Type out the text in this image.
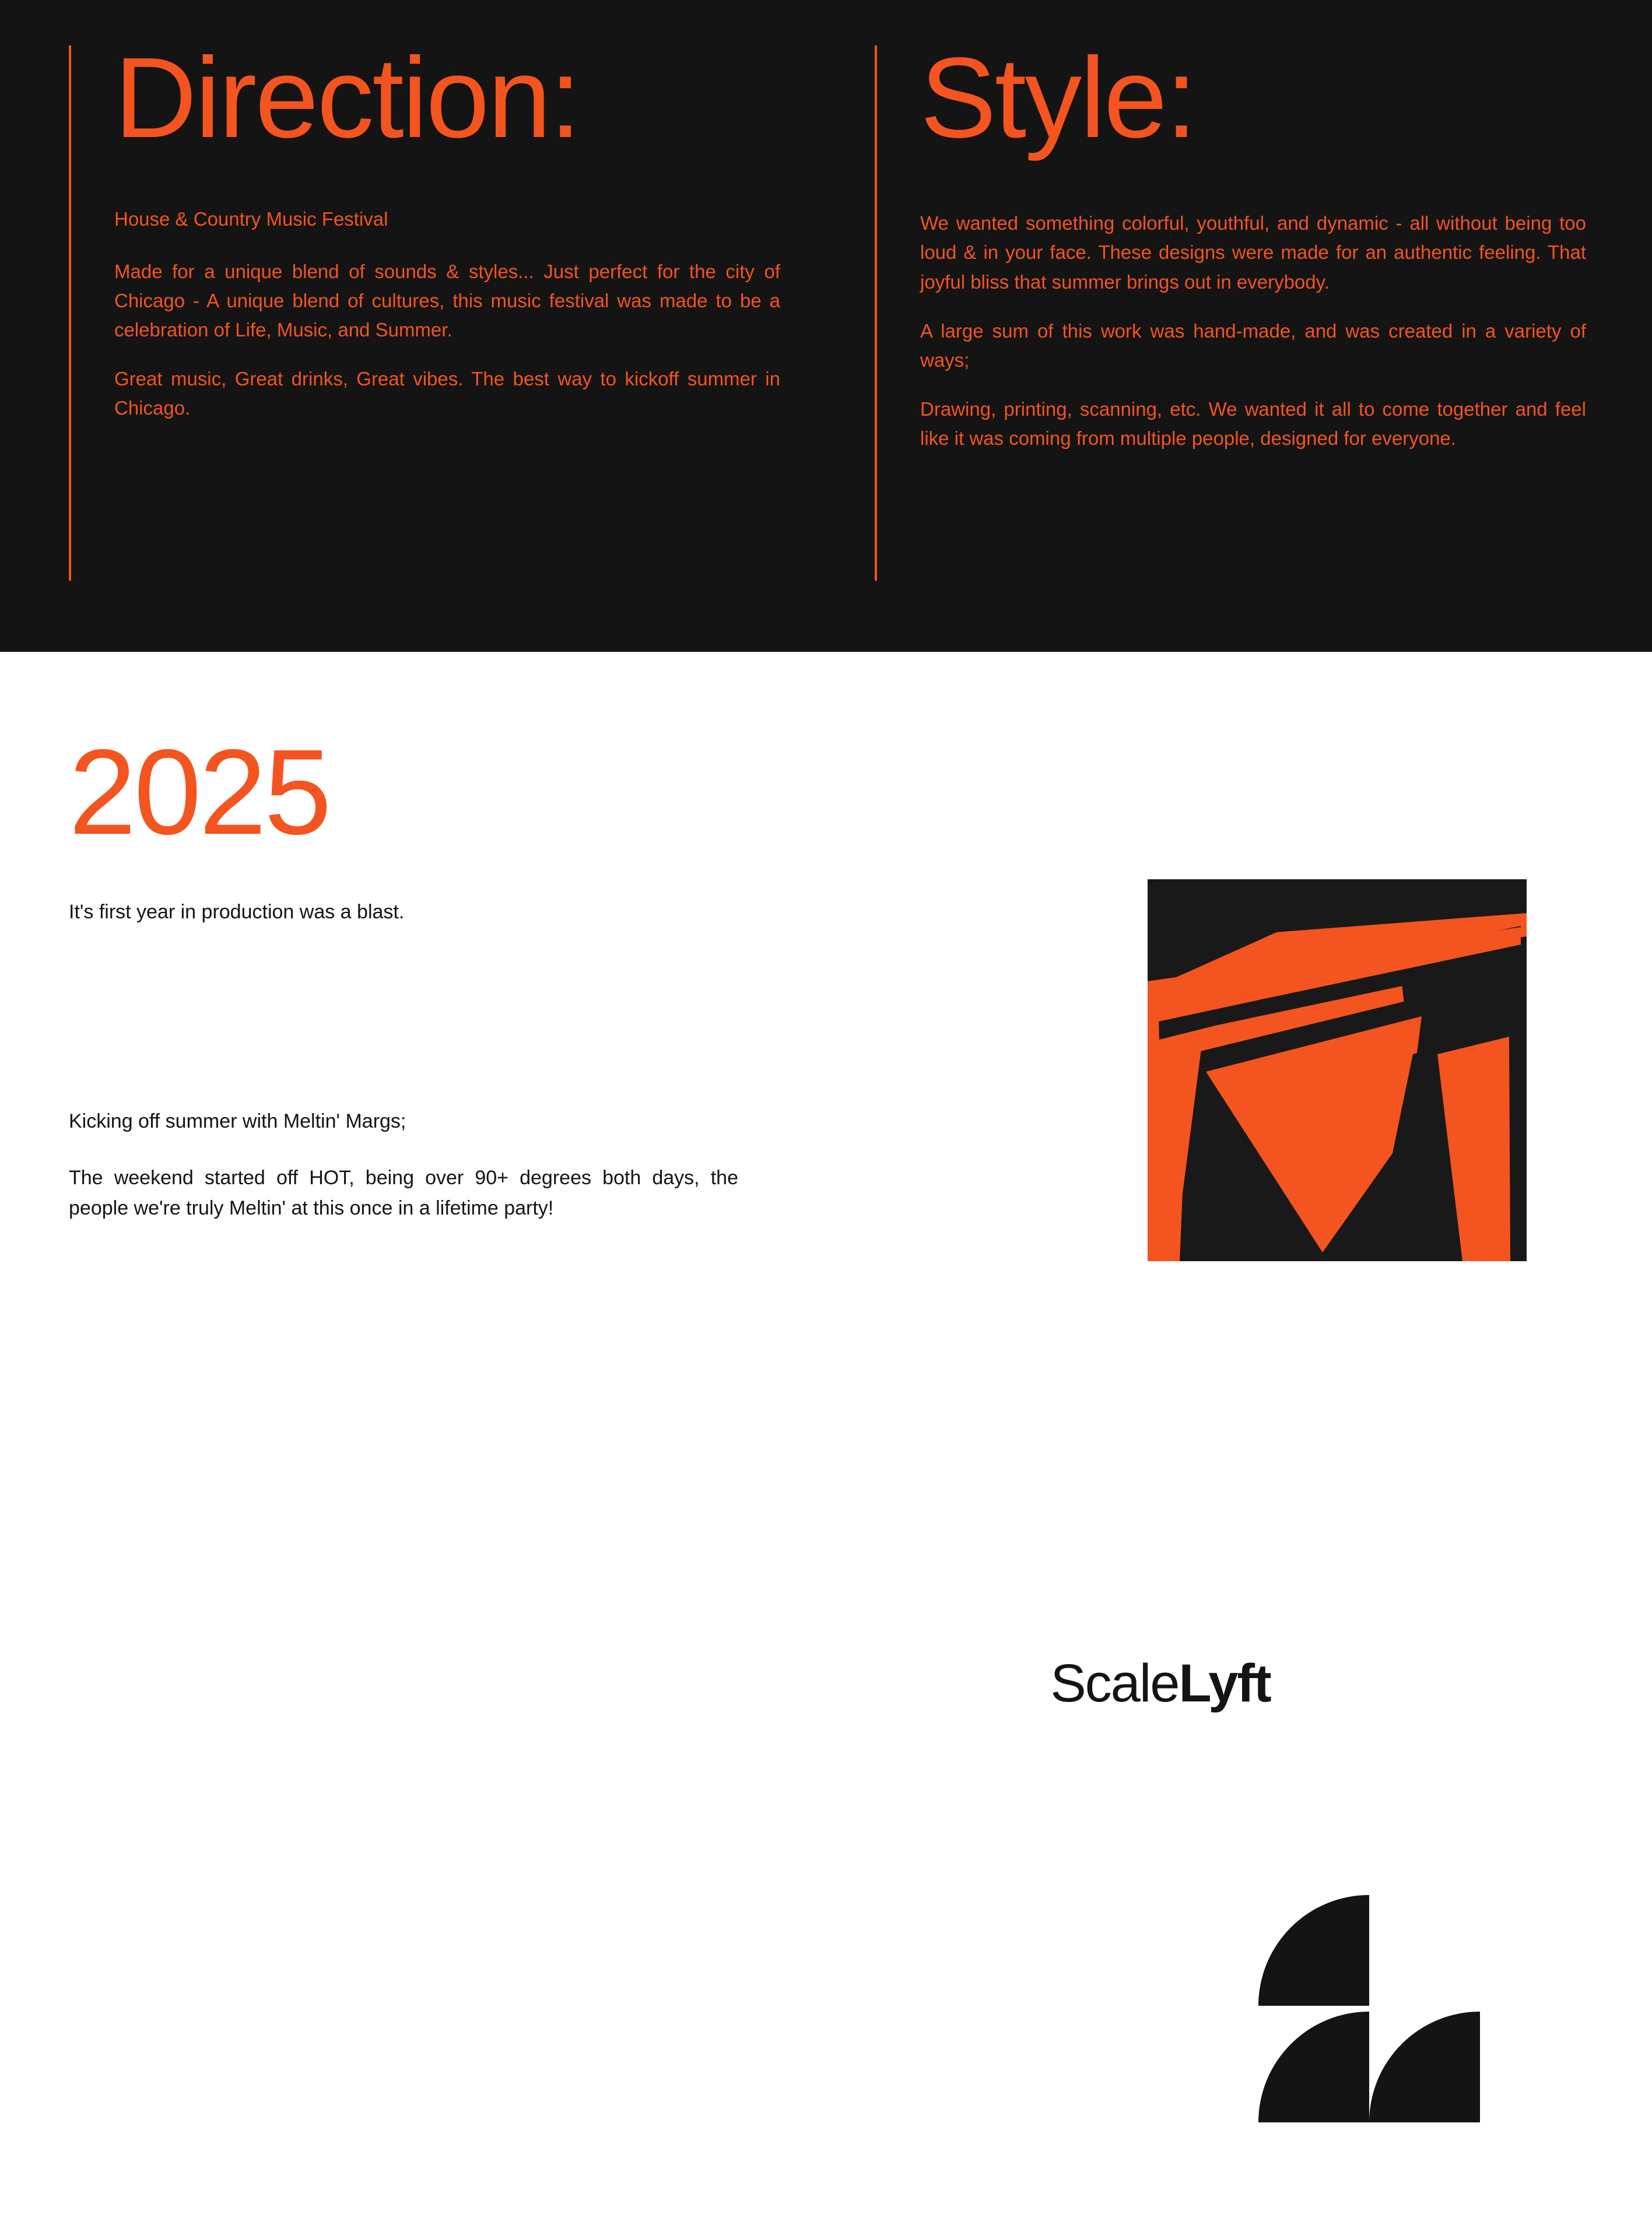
Direction:
House & Country Music Festival
Made for a unique blend of sounds & styles... Just perfect for the city of Chicago - A unique blend of cultures, this music festival was made to be a celebration of Life, Music, and Summer.
Great music, Great drinks, Great vibes. The best way to kickoff summer in Chicago.
Style:
We wanted something colorful, youthful, and dynamic - all without being too loud & in your face. These designs were made for an authentic feeling. That joyful bliss that summer brings out in everybody.
A large sum of this work was hand-made, and was created in a variety of ways;
Drawing, printing, scanning, etc. We wanted it all to come together and feel like it was coming from multiple people, designed for everyone.
2025
It's first year in production was a blast.
Kicking off summer with Meltin' Margs;
The weekend started off HOT, being over 90+ degrees both days, the people we're truly Meltin' at this once in a lifetime party!
ScaleLyft
